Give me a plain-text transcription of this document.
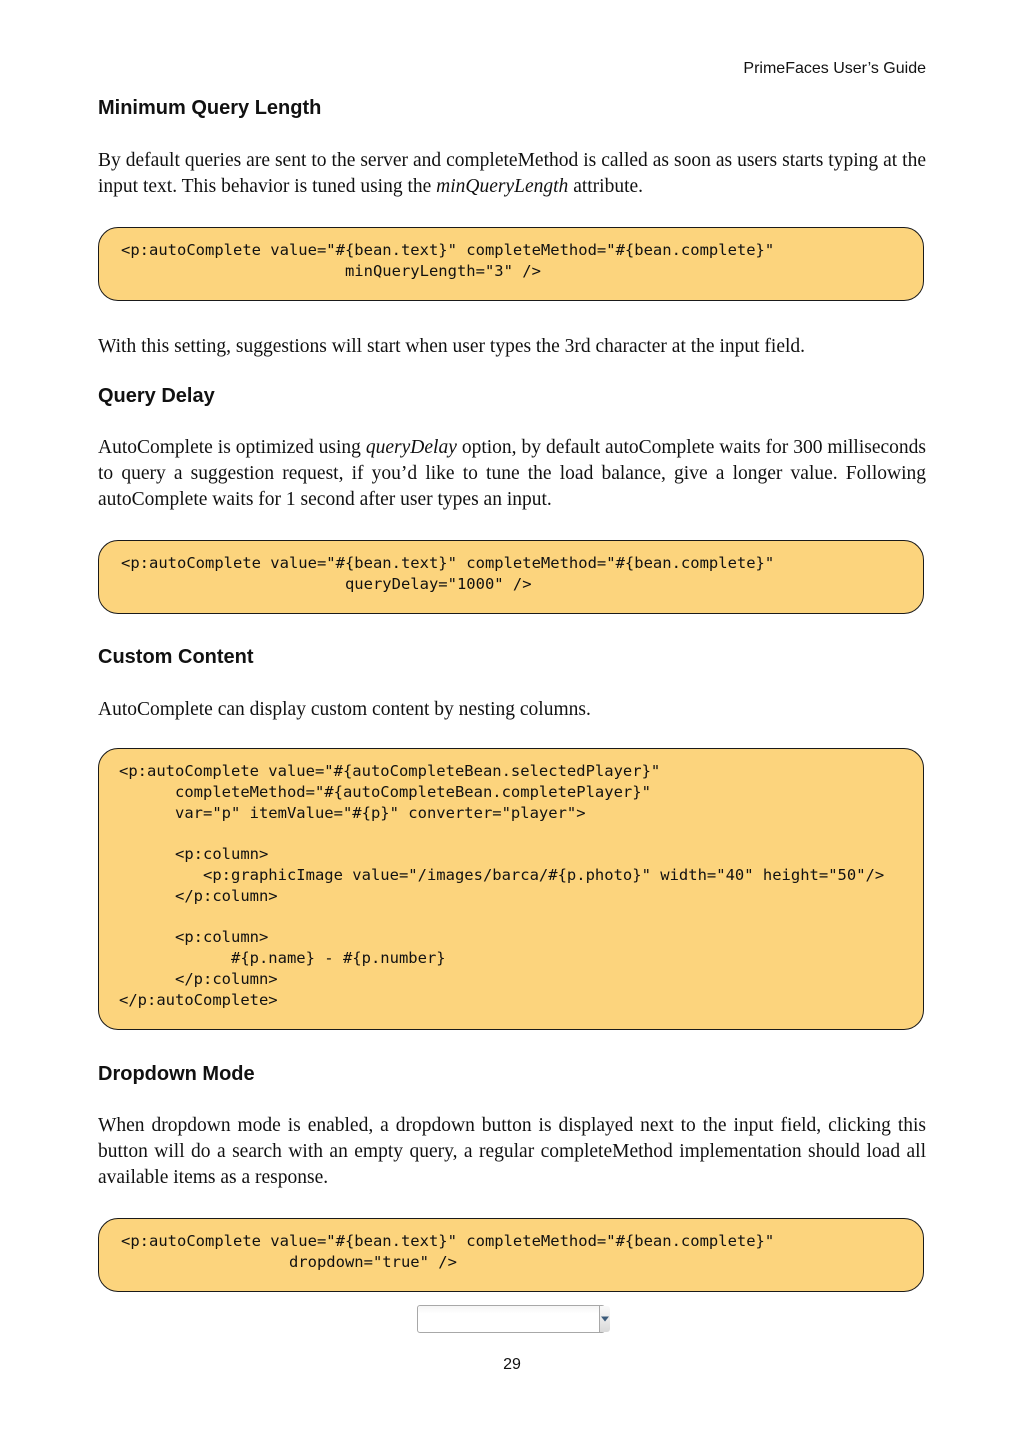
PrimeFaces User’s Guide
Minimum Query Length

By default queries are sent to the server and completeMethod is called as soon as users starts typing at the input text. This behavior is tuned using the minQueryLength attribute.

<p:autoComplete value="#{bean.text}" completeMethod="#{bean.complete}"
minQueryLength="3" />

With this setting, suggestions will start when user types the 3rd character at the input field.

Query Delay

AutoComplete is optimized using queryDelay option, by default autoComplete waits for 300 milliseconds to query a suggestion request, if you’d like to tune the load balance, give a longer value. Following autoComplete waits for 1 second after user types an input.

<p:autoComplete value="#{bean.text}" completeMethod="#{bean.complete}"
queryDelay="1000" />
Custom Content

AutoComplete can display custom content by nesting columns.

<p:autoComplete value="#{autoCompleteBean.selectedPlayer}"
completeMethod="#{autoCompleteBean.completePlayer}"
var="p" itemValue="#{p}" converter="player">

<p:column>
<p:graphicImage value="/images/barca/#{p.photo}" width="40" height="50"/>
</p:column>

<p:column>
#{p.name} - #{p.number}
</p:column>
</p:autoComplete>
Dropdown Mode

When dropdown mode is enabled, a dropdown button is displayed next to the input field, clicking this button will do a search with an empty query, a regular completeMethod implementation should load all available items as a response.

<p:autoComplete value="#{bean.text}" completeMethod="#{bean.complete}"
dropdown="true" />
29
